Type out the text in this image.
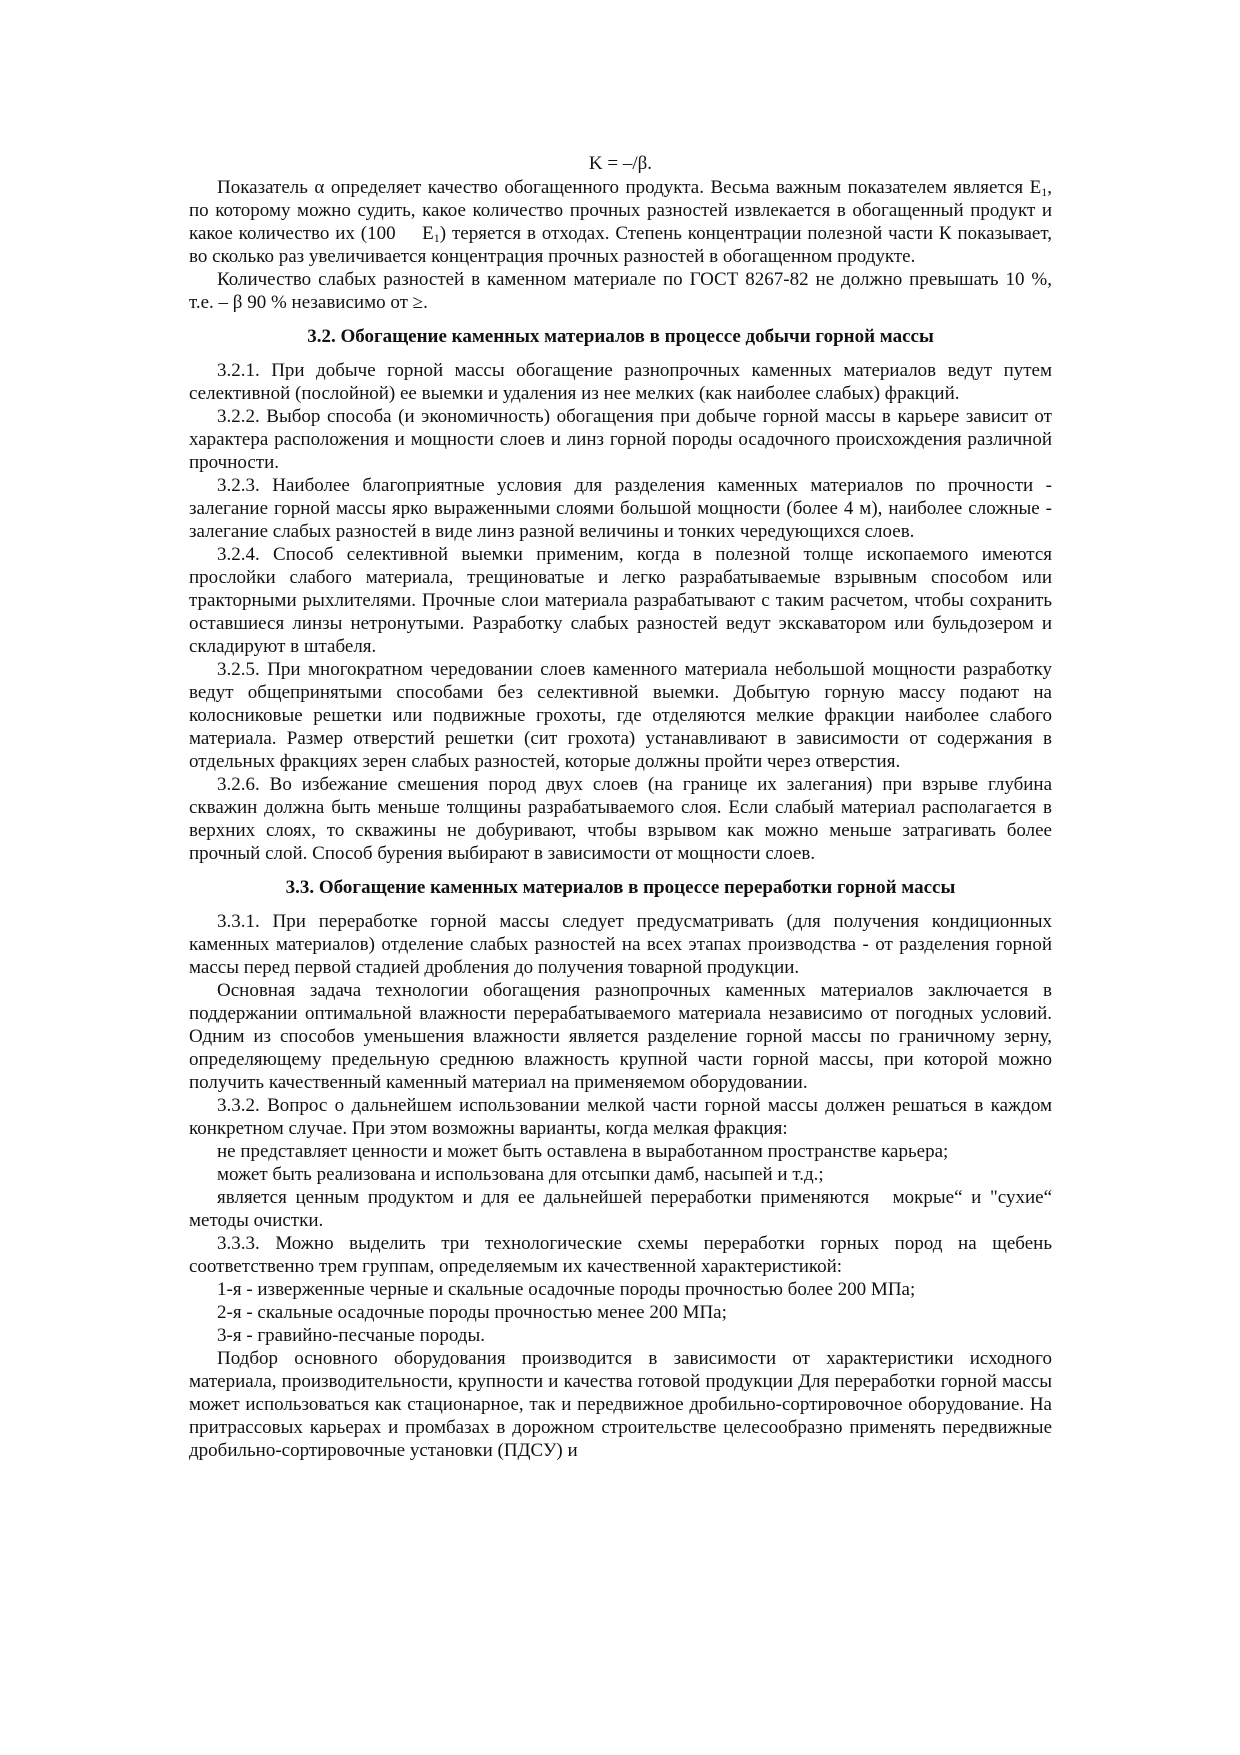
K = –/β.

Показатель α определяет качество обогащенного продукта. Весьма важным показателем является $Е_1$, по которому можно судить, какое количество прочных разностей извлекается в обогащенный продукт и какое количество их (100   $Е_1$) теряется в отходах. Степень концентрации полезной части К показывает, во сколько раз увеличивается концентрация прочных разностей в обогащенном продукте.

Количество слабых разностей в каменном материале по ГОСТ 8267-82 не должно превышать 10 %, т.е. – β 90 % независимо от ≥.

3.2. Обогащение каменных материалов в процессе добычи горной массы

3.2.1. При добыче горной массы обогащение разнопрочных каменных материалов ведут путем селективной (послойной) ее выемки и удаления из нее мелких (как наиболее слабых) фракций.

3.2.2. Выбор способа (и экономичность) обогащения при добыче горной массы в карьере зависит от характера расположения и мощности слоев и линз горной породы осадочного происхождения различной прочности.

3.2.3. Наиболее благоприятные условия для разделения каменных материалов по прочности - залегание горной массы ярко выраженными слоями большой мощности (более 4 м), наиболее сложные - залегание слабых разностей в виде линз разной величины и тонких чередующихся слоев.

3.2.4. Способ селективной выемки применим, когда в полезной толще ископаемого имеются прослойки слабого материала, трещиноватые и легко разрабатываемые взрывным способом или тракторными рыхлителями. Прочные слои материала разрабатывают с таким расчетом, чтобы сохранить оставшиеся линзы нетронутыми. Разработку слабых разностей ведут экскаватором или бульдозером и складируют в штабеля.

3.2.5. При многократном чередовании слоев каменного материала небольшой мощности разработку ведут общепринятыми способами без селективной выемки. Добытую горную массу подают на колосниковые решетки или подвижные грохоты, где отделяются мелкие фракции наиболее слабого материала. Размер отверстий решетки (сит грохота) устанавливают в зависимости от содержания в отдельных фракциях зерен слабых разностей, которые должны пройти через отверстия.

3.2.6. Во избежание смешения пород двух слоев (на границе их залегания) при взрыве глубина скважин должна быть меньше толщины разрабатываемого слоя. Если слабый материал располагается в верхних слоях, то скважины не добуривают, чтобы взрывом как можно меньше затрагивать более прочный слой. Способ бурения выбирают в зависимости от мощности слоев.

3.3. Обогащение каменных материалов в процессе переработки горной массы

3.3.1. При переработке горной массы следует предусматривать (для получения кондиционных каменных материалов) отделение слабых разностей на всех этапах производства - от разделения горной массы перед первой стадией дробления до получения товарной продукции.

Основная задача технологии обогащения разнопрочных каменных материалов заключается в поддержании оптимальной влажности перерабатываемого материала независимо от погодных условий. Одним из способов уменьшения влажности является разделение горной массы по граничному зерну, определяющему предельную среднюю влажность крупной части горной массы, при которой можно получить качественный каменный материал на применяемом оборудовании.

3.3.2. Вопрос о дальнейшем использовании мелкой части горной массы должен решаться в каждом конкретном случае. При этом возможны варианты, когда мелкая фракция:

не представляет ценности и может быть оставлена в выработанном пространстве карьера;

может быть реализована и использована для отсыпки дамб, насыпей и т.д.;

является ценным продуктом и для ее дальнейшей переработки применяются  мокрые“ и "сухие“ методы очистки.

3.3.3. Можно выделить три технологические схемы переработки горных пород на щебень соответственно трем группам, определяемым их качественной характеристикой:

1-я - изверженные черные и скальные осадочные породы прочностью более 200 МПа;

2-я - скальные осадочные породы прочностью менее 200 МПа;

3-я - гравийно-песчаные породы.

Подбор основного оборудования производится в зависимости от характеристики исходного материала, производительности, крупности и качества готовой продукции Для переработки горной массы может использоваться как стационарное, так и передвижное дробильно-сортировочное оборудование. На притрассовых карьерах и промбазах в дорожном строительстве целесообразно применять передвижные дробильно-сортировочные установки (ПДСУ) и
